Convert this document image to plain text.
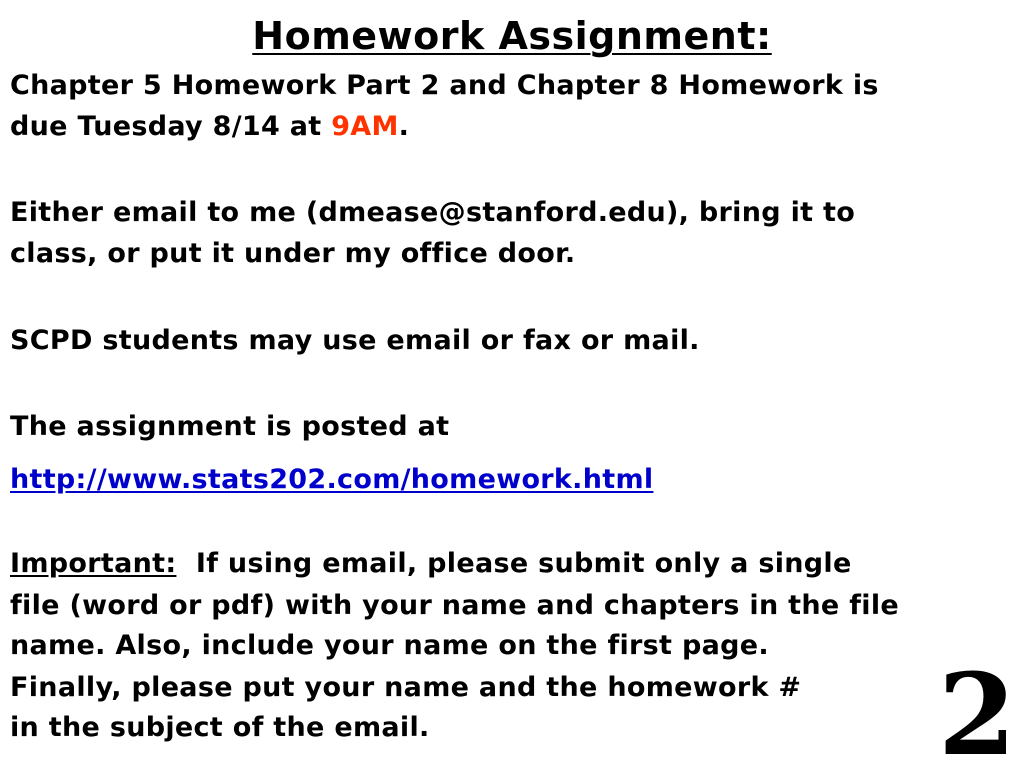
Homework Assignment:
Chapter 5 Homework Part 2 and Chapter 8 Homework is
due Tuesday 8/14 at 9AM.
Either email to me (dmease@stanford.edu), bring it to
class, or put it under my office door.
SCPD students may use email or fax or mail.
The assignment is posted at
http://www.stats202.com/homework.html
Important: If using email, please submit only a single
file (word or pdf) with your name and chapters in the file
name. Also, include your name on the first page.
Finally, please put your name and the homework #
in the subject of the email.	2
